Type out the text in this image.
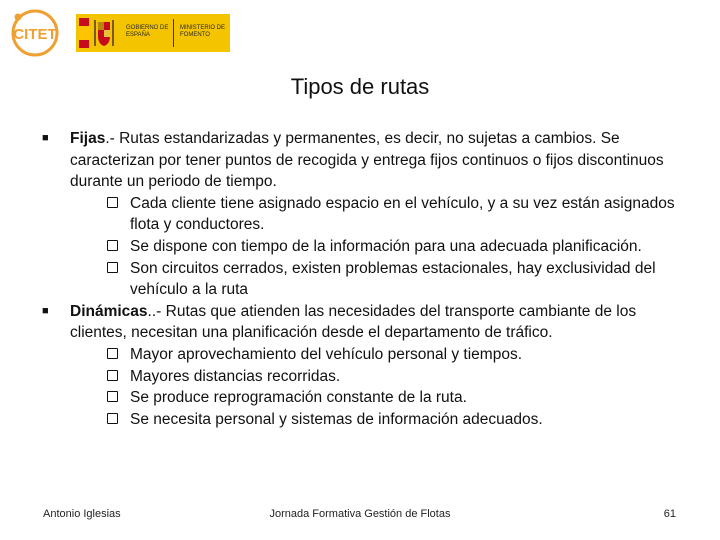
CITET	GOBIERNO DE ESPAÑA
MINISTERIO DE FOMENTO
Tipos de rutas
■ Fijas.- Rutas estandarizadas y permanentes, es decir, no sujetas a cambios. Se caracterizan por tener puntos de recogida y entrega fijos continuos o fijos discontinuos durante un periodo de tiempo.
Cada cliente tiene asignado espacio en el vehículo, y a su vez están asignados flota y conductores.
Se dispone con tiempo de la información para una adecuada planificación.
Son circuitos cerrados, existen problemas estacionales, hay exclusividad del vehículo a la ruta
■ Dinámicas..- Rutas que atienden las necesidades del transporte cambiante de los clientes, necesitan una planificación desde el departamento de tráfico.
Mayor aprovechamiento del vehículo personal y tiempos.
Mayores distancias recorridas.
Se produce reprogramación constante de la ruta.
Se necesita personal y sistemas de información adecuados.
Antonio Iglesias	Jornada Formativa Gestión de Flotas	61
